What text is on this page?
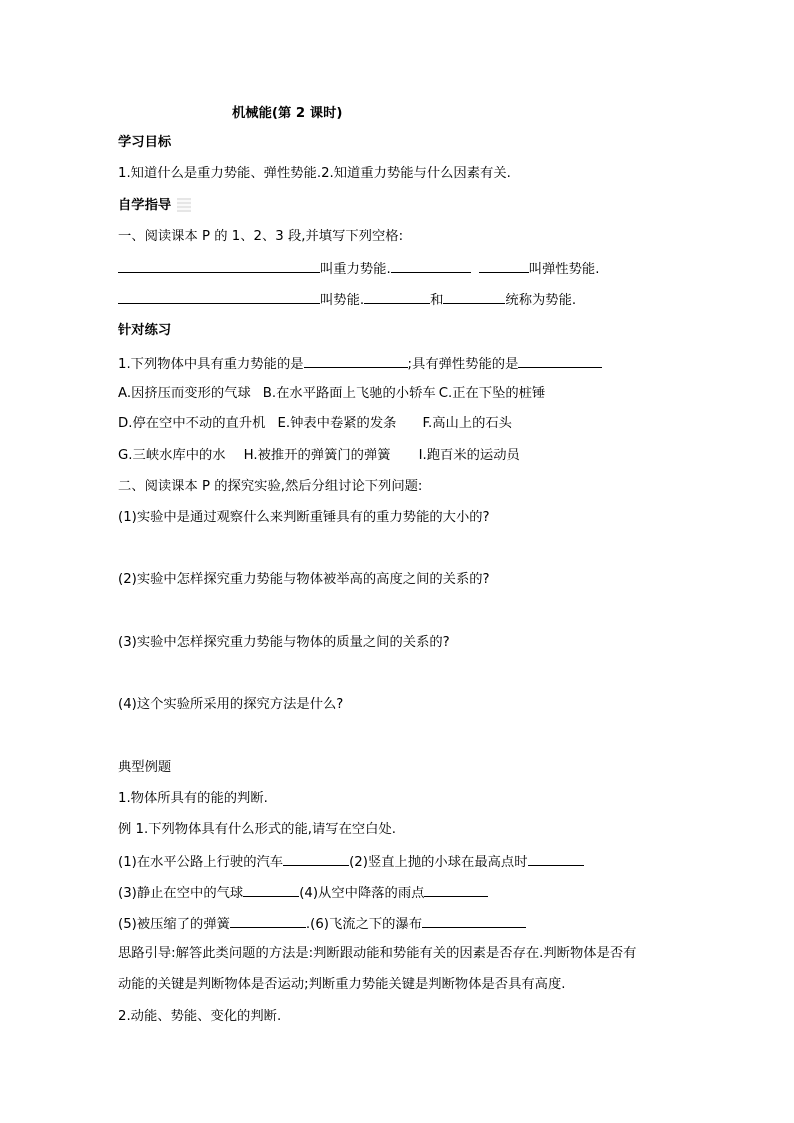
机械能(第 2 课时)
学习目标
1.知道什么是重力势能、弹性势能.2.知道重力势能与什么因素有关.
自学指导
一、阅读课本 P 的 1、2、3 段,并填写下列空格:
叫重力势能.	叫弹性势能.
叫势能.	和	统称为势能.
针对练习
1.下列物体中具有重力势能的是	;具有弹性势能的是
A.因挤压而变形的气球 B.在水平路面上飞驰的小轿车 C.正在下坠的桩锤
D.停在空中不动的直升机 E.钟表中卷紧的发条 F.高山上的石头
G.三峡水库中的水 H.被推开的弹簧门的弹簧 I.跑百米的运动员
二、阅读课本 P 的探究实验,然后分组讨论下列问题:
(1)实验中是通过观察什么来判断重锤具有的重力势能的大小的?
(2)实验中怎样探究重力势能与物体被举高的高度之间的关系的?
(3)实验中怎样探究重力势能与物体的质量之间的关系的?
(4)这个实验所采用的探究方法是什么?
典型例题
1.物体所具有的能的判断.
例 1.下列物体具有什么形式的能,请写在空白处.
(1)在水平公路上行驶的汽车	(2)竖直上抛的小球在最高点时
(3)静止在空中的气球	(4)从空中降落的雨点
(5)被压缩了的弹簧	.(6)飞流之下的瀑布
思路引导:解答此类问题的方法是:判断跟动能和势能有关的因素是否存在.判断物体是否有
动能的关键是判断物体是否运动;判断重力势能关键是判断物体是否具有高度.
2.动能、势能、变化的判断.
